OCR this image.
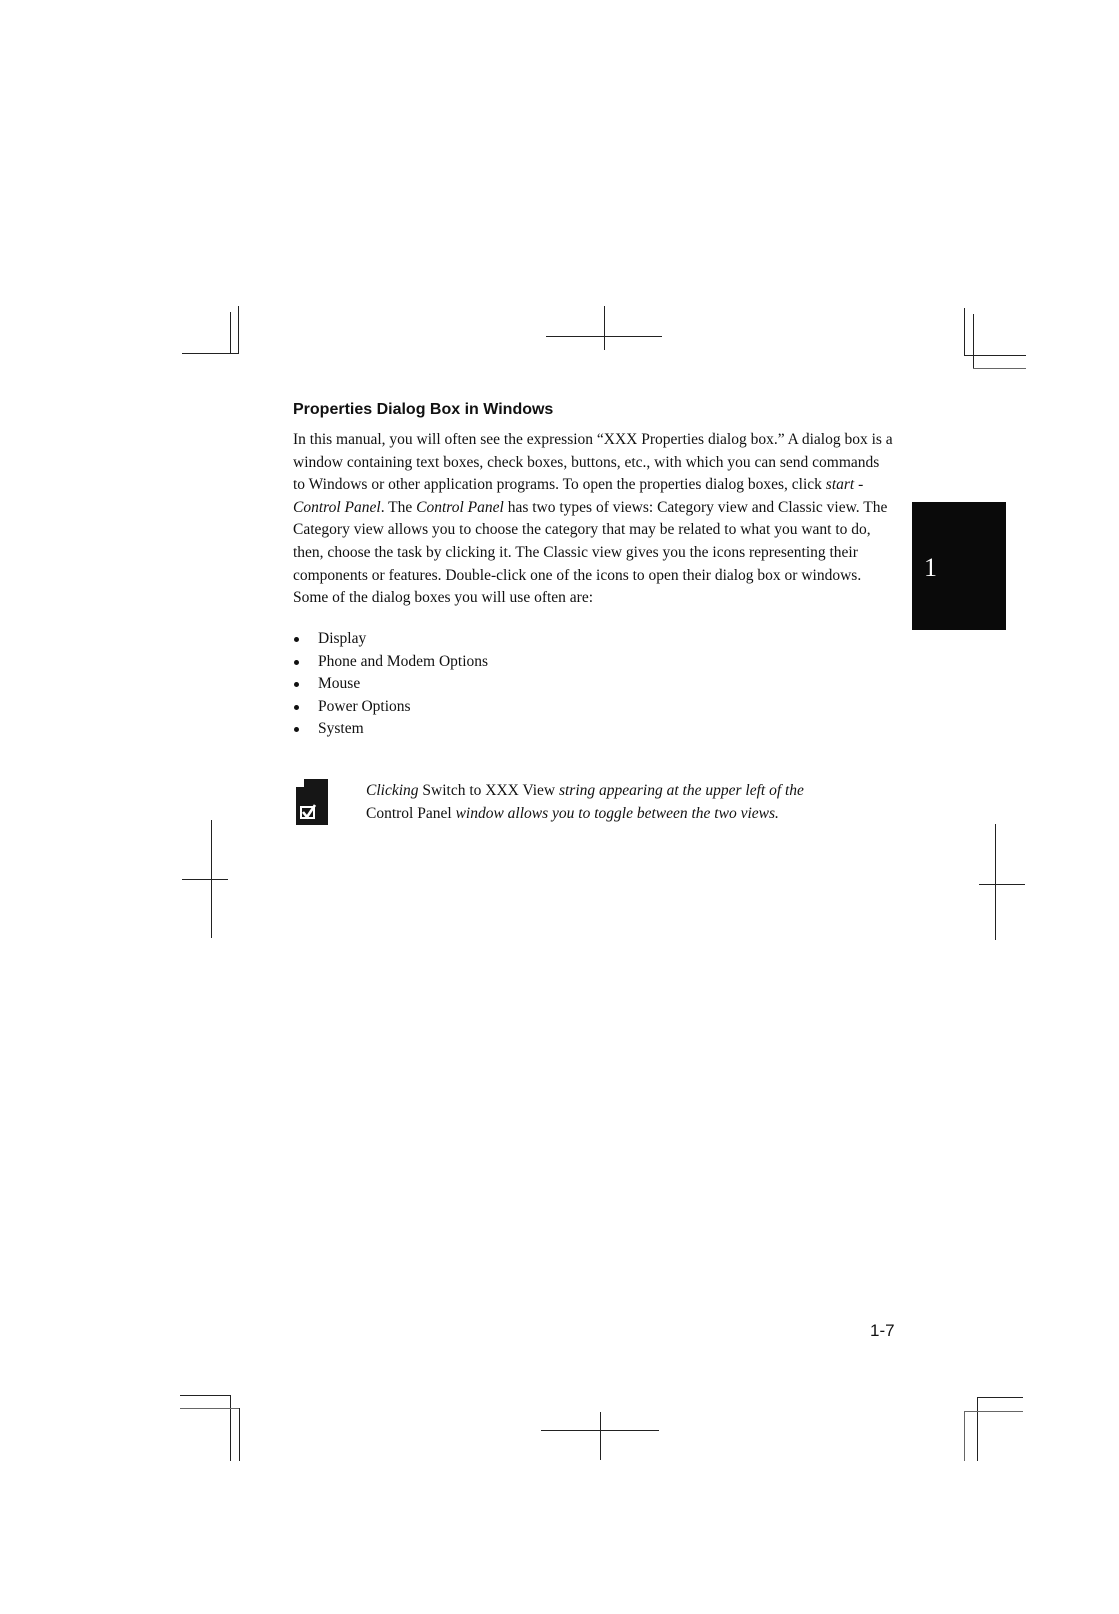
Properties Dialog Box in Windows

In this manual, you will often see the expression “XXX Properties dialog box.” A dialog box is a window containing text boxes, check boxes, buttons, etc., with which you can send commands to Windows or other application programs. To open the properties dialog boxes, click start - Control Panel. The Control Panel has two types of views: Category view and Classic view. The Category view allows you to choose the category that may be related to what you want to do, then, choose the task by clicking it. The Classic view gives you the icons representing their components or features. Double-click one of the icons to open their dialog box or windows. Some of the dialog boxes you will use often are:

Display
Phone and Modem Options
Mouse
Power Options
System

Clicking Switch to XXX View string appearing at the upper left of the
Control Panel window allows you to toggle between the two views.

1

1-7
